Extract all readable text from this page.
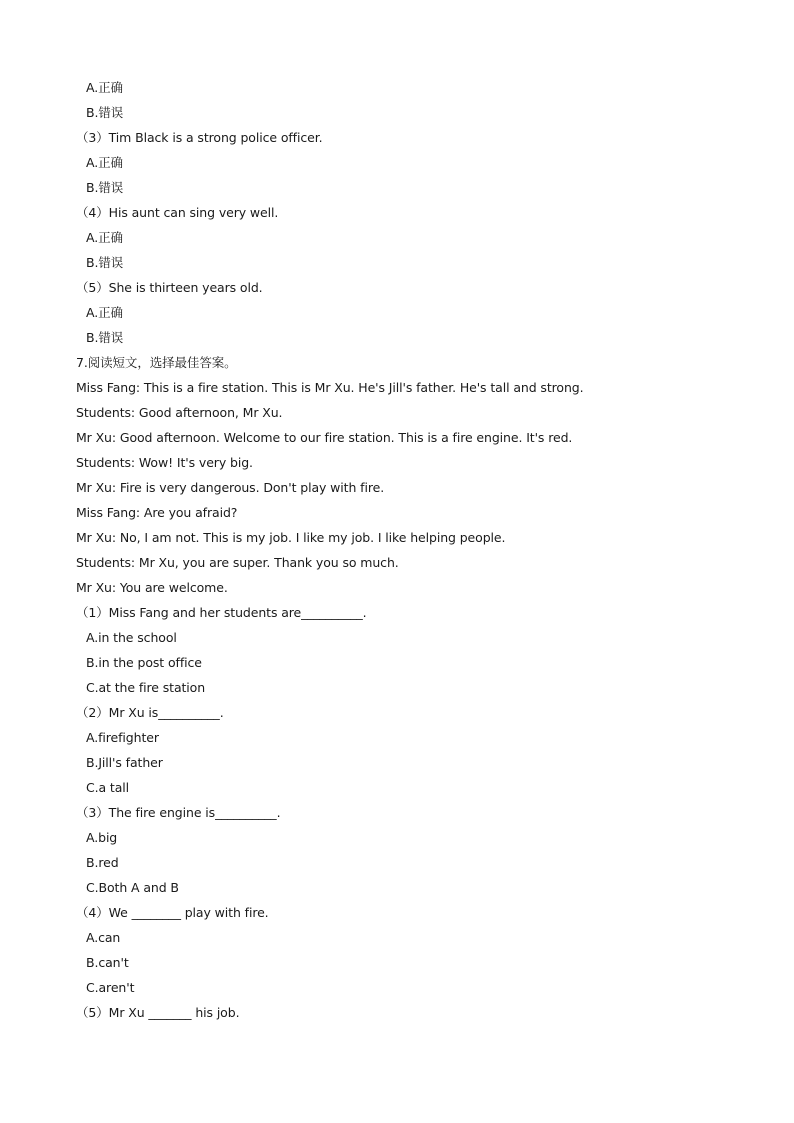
A.正确
B.错误
（3）Tim Black is a strong police officer.
A.正确
B.错误
（4）His aunt can sing very well.
A.正确
B.错误
（5）She is thirteen years old.
A.正确
B.错误
7.阅读短文，选择最佳答案。
Miss Fang: This is a fire station. This is Mr Xu. He's Jill's father. He's tall and strong.
Students: Good afternoon, Mr Xu.
Mr Xu: Good afternoon. Welcome to our fire station. This is a fire engine. It's red.
Students: Wow! It's very big.
Mr Xu: Fire is very dangerous. Don't play with fire.
Miss Fang: Are you afraid?
Mr Xu: No, I am not. This is my job. I like my job. I like helping people.
Students: Mr Xu, you are super. Thank you so much.
Mr Xu: You are welcome.
（1）Miss Fang and her students are__________.
A.in the school
B.in the post office
C.at the fire station
（2）Mr Xu is__________.
A.firefighter
B.Jill's father
C.a tall
（3）The fire engine is__________.
A.big
B.red
C.Both A and B
（4）We ________ play with fire.
A.can
B.can't
C.aren't
（5）Mr Xu _______ his job.
